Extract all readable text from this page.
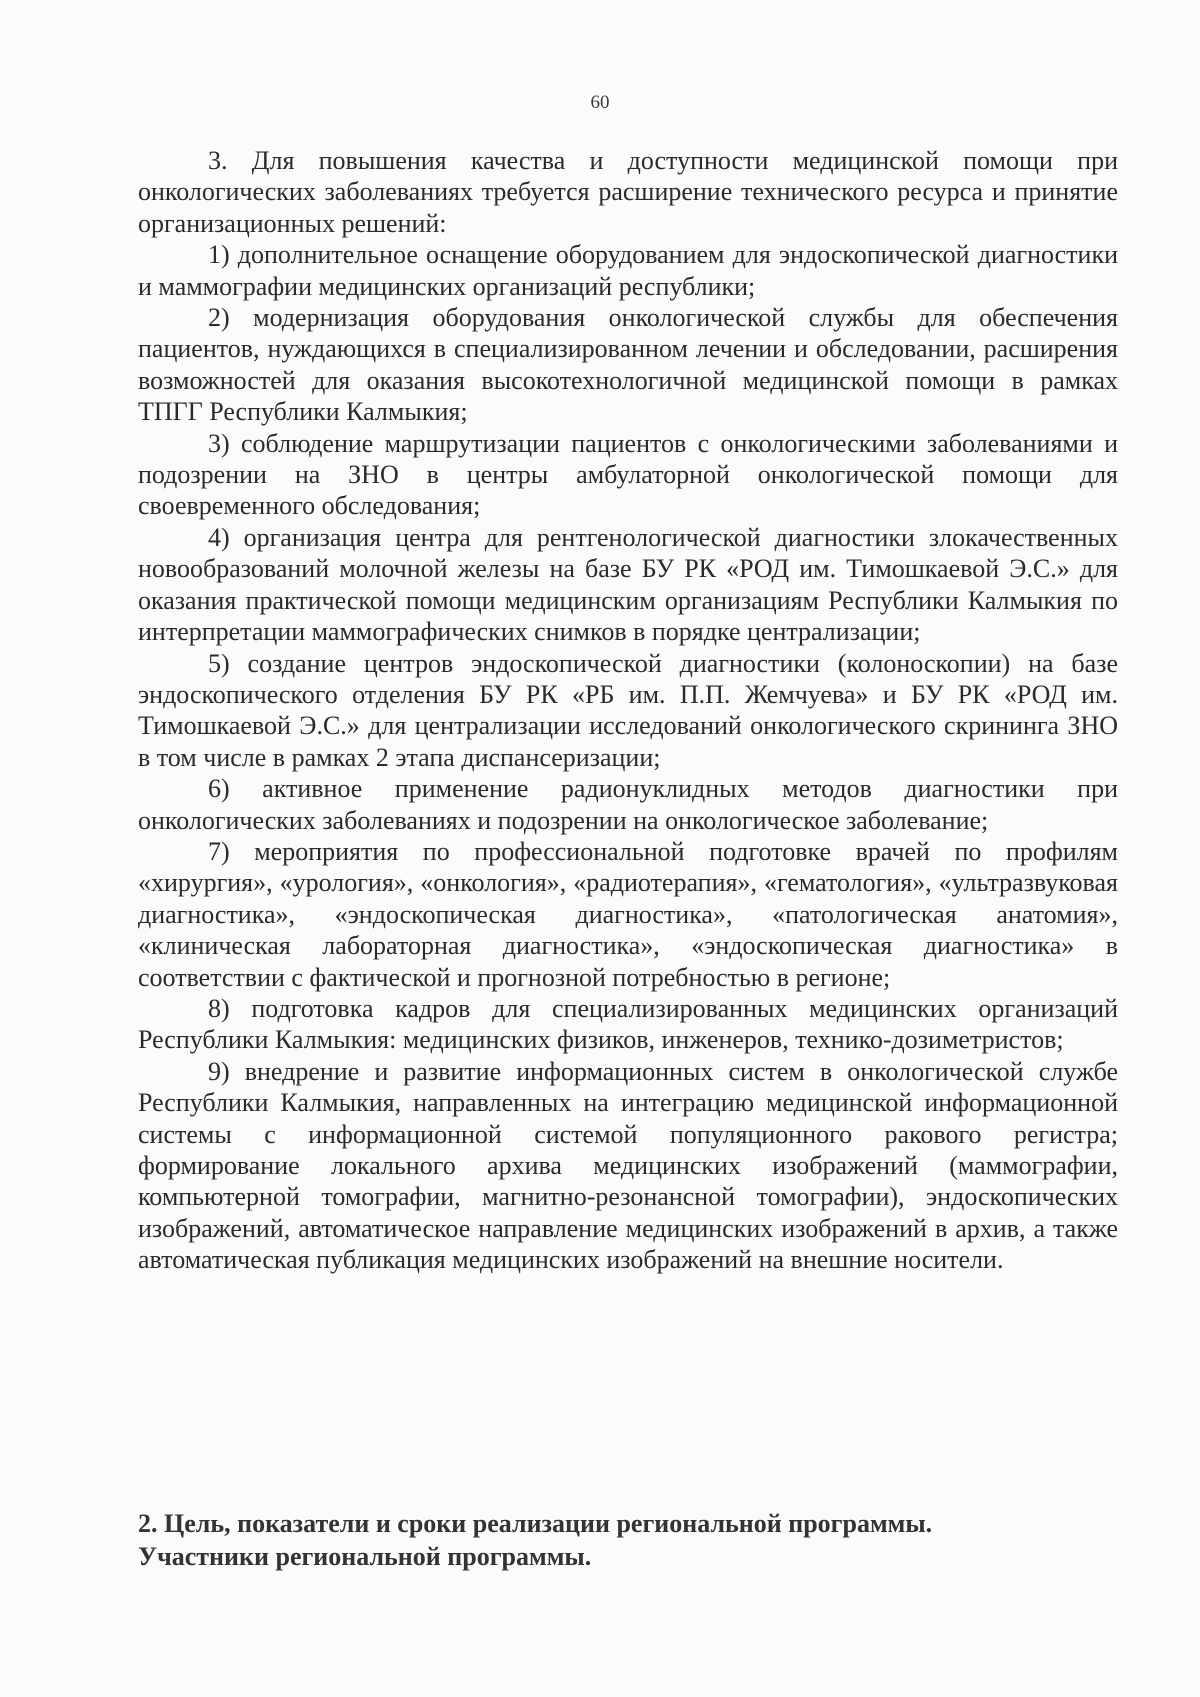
60

3. Для повышения качества и доступности медицинской помощи при онкологических заболеваниях требуется расширение технического ресурса и принятие организационных решений:

1) дополнительное оснащение оборудованием для эндоскопической диагностики и маммографии медицинских организаций республики;

2) модернизация оборудования онкологической службы для обеспечения пациентов, нуждающихся в специализированном лечении и обследовании, расширения возможностей для оказания высокотехнологичной медицинской помощи в рамках ТПГГ Республики Калмыкия;

3) соблюдение маршрутизации пациентов с онкологическими заболеваниями и подозрении на ЗНО в центры амбулаторной онкологической помощи для своевременного обследования;

4) организация центра для рентгенологической диагностики злокачественных новообразований молочной железы на базе БУ РК «РОД им. Тимошкаевой Э.С.» для оказания практической помощи медицинским организациям Республики Калмыкия по интерпретации маммографических снимков в порядке централизации;

5) создание центров эндоскопической диагностики (колоноскопии) на базе эндоскопического отделения БУ РК «РБ им. П.П. Жемчуева» и БУ РК «РОД им. Тимошкаевой Э.С.» для централизации исследований онкологического скрининга ЗНО в том числе в рамках 2 этапа диспансеризации;

6) активное применение радионуклидных методов диагностики при онкологических заболеваниях и подозрении на онкологическое заболевание;

7) мероприятия по профессиональной подготовке врачей по профилям «хирургия», «урология», «онкология», «радиотерапия», «гематология», «ультразвуковая диагностика», «эндоскопическая диагностика», «патологическая анатомия», «клиническая лабораторная диагностика», «эндоскопическая диагностика» в соответствии с фактической и прогнозной потребностью в регионе;

8) подготовка кадров для специализированных медицинских организаций Республики Калмыкия: медицинских физиков, инженеров, технико-дозиметристов;

9) внедрение и развитие информационных систем в онкологической службе Республики Калмыкия, направленных на интеграцию медицинской информационной системы с информационной системой популяционного ракового регистра; формирование локального архива медицинских изображений (маммографии, компьютерной томографии, магнитно-резонансной томографии), эндоскопических изображений, автоматическое направление медицинских изображений в архив, а также автоматическая публикация медицинских изображений на внешние носители.

2. Цель, показатели и сроки реализации региональной программы.
Участники региональной программы.
